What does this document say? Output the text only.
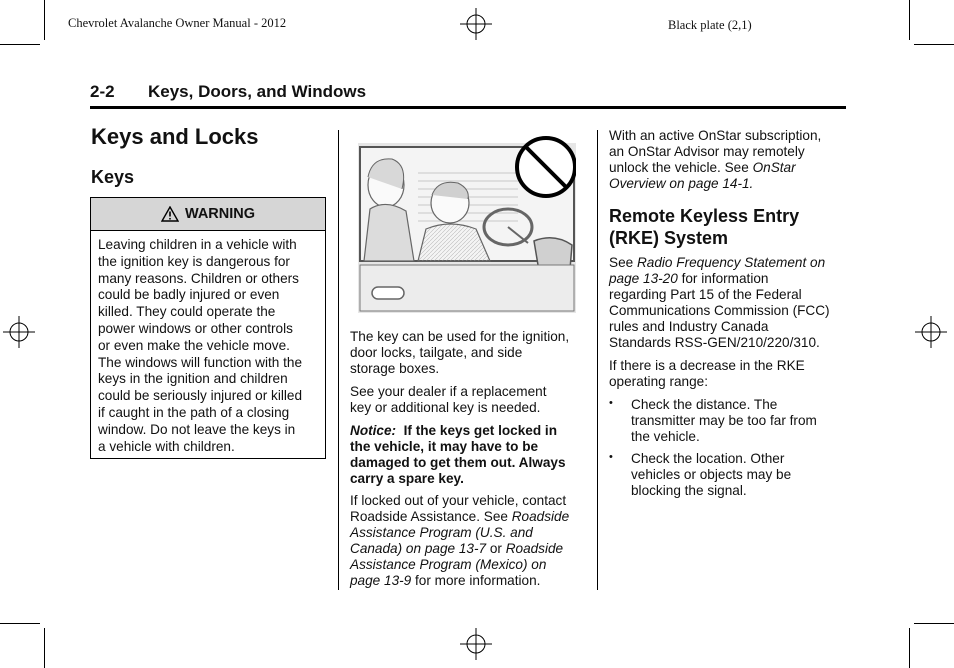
Chevrolet Avalanche Owner Manual - 2012	Black plate (2,1)
2-2 Keys, Doors, and Windows
Keys and Locks
Keys
WARNING
Leaving children in a vehicle with
the ignition key is dangerous for
many reasons. Children or others
could be badly injured or even
killed. They could operate the
power windows or other controls
or even make the vehicle move.
The windows will function with the
keys in the ignition and children
could be seriously injured or killed
if caught in the path of a closing
window. Do not leave the keys in
a vehicle with children.
The key can be used for the ignition,
door locks, tailgate, and side
storage boxes.
See your dealer if a replacement
key or additional key is needed.
Notice: If the keys get locked in
the vehicle, it may have to be
damaged to get them out. Always
carry a spare key.
If locked out of your vehicle, contact
Roadside Assistance. See Roadside
Assistance Program (U.S. and
Canada) on page 13-7 or Roadside
Assistance Program (Mexico) on
page 13-9 for more information.
With an active OnStar subscription,
an OnStar Advisor may remotely
unlock the vehicle. See OnStar
Overview on page 14-1.
Remote Keyless Entry
(RKE) System
See Radio Frequency Statement on
page 13-20 for information
regarding Part 15 of the Federal
Communications Commission (FCC)
rules and Industry Canada
Standards RSS-GEN/210/220/310.
If there is a decrease in the RKE
operating range:
• Check the distance. The
transmitter may be too far from
the vehicle.
• Check the location. Other
vehicles or objects may be
blocking the signal.
